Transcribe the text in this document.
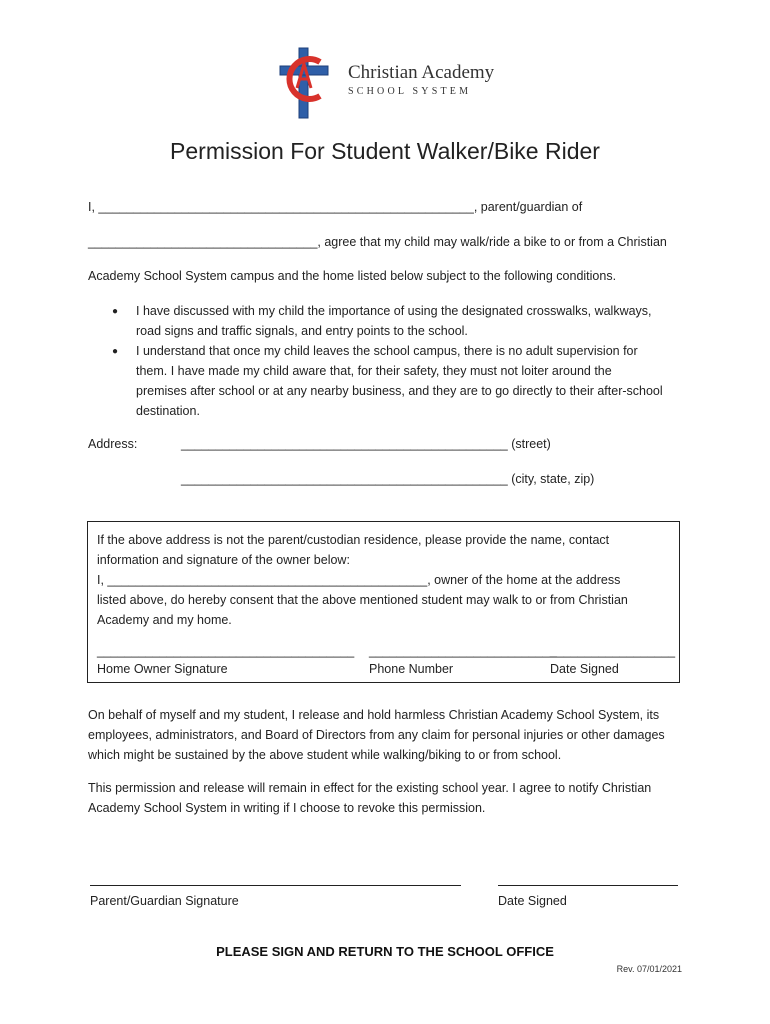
Christian Academy
SCHOOL SYSTEM
Permission For Student Walker/Bike Rider
I, ______________________________________________________, parent/guardian of
_________________________________, agree that my child may walk/ride a bike to or from a Christian
Academy School System campus and the home listed below subject to the following conditions.
● I have discussed with my child the importance of using the designated crosswalks, walkways,
road signs and traffic signals, and entry points to the school.
● I understand that once my child leaves the school campus, there is no adult supervision for
them. I have made my child aware that, for their safety, they must not loiter around the
premises after school or at any nearby business, and they are to go directly to their after-school
destination.
Address:	_______________________________________________ (street)
_______________________________________________ (city, state, zip)
If the above address is not the parent/custodian residence, please provide the name, contact
information and signature of the owner below:
I, ______________________________________________, owner of the home at the address
listed above, do hereby consent that the above mentioned student may walk to or from Christian
Academy and my home.
_____________________________________ ___________________________
__________________
Home Owner Signature	Phone Number	Date Signed
On behalf of myself and my student, I release and hold harmless Christian Academy School System, its
employees, administrators, and Board of Directors from any claim for personal injuries or other damages
which might be sustained by the above student while walking/biking to or from school.
This permission and release will remain in effect for the existing school year. I agree to notify Christian
Academy School System in writing if I choose to revoke this permission.
Parent/Guardian Signature	Date Signed
PLEASE SIGN AND RETURN TO THE SCHOOL OFFICE
Rev. 07/01/2021
